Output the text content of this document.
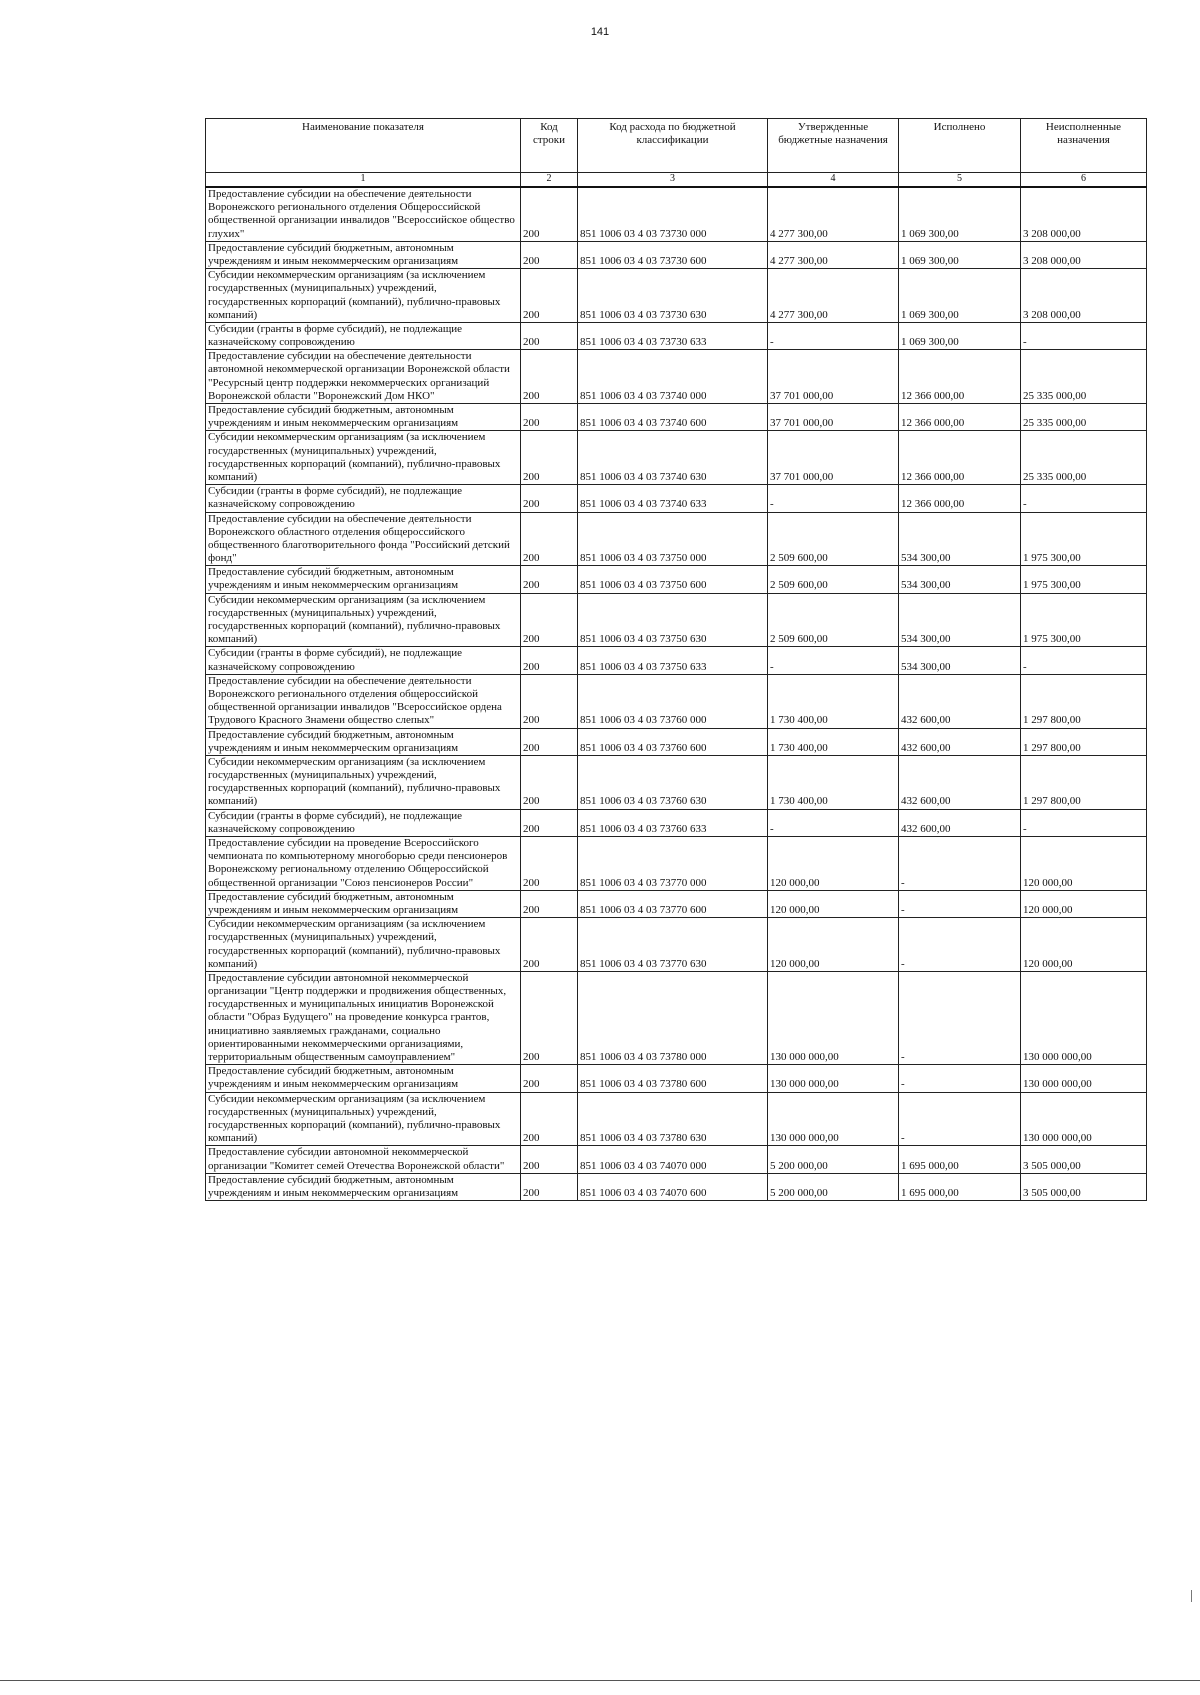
141
Наименование показателя	Код строки	Код расхода по бюджетной классификации	Утвержденные бюджетные назначения	Исполнено	Неисполненные назначения
1	2	3	4	5	6
Предоставление субсидии на обеспечение деятельности Воронежского регионального отделения Общероссийской общественной организации инвалидов "Всероссийское общество глухих"	200	851 1006 03 4 03 73730 000	4 277 300,00	1 069 300,00	3 208 000,00
Предоставление субсидий бюджетным, автономным учреждениям и иным некоммерческим организациям	200	851 1006 03 4 03 73730 600	4 277 300,00	1 069 300,00	3 208 000,00
Субсидии некоммерческим организациям (за исключением государственных (муниципальных) учреждений, государственных корпораций (компаний), публично-правовых компаний)	200	851 1006 03 4 03 73730 630	4 277 300,00	1 069 300,00	3 208 000,00
Субсидии (гранты в форме субсидий), не подлежащие казначейскому сопровождению	200	851 1006 03 4 03 73730 633	-	1 069 300,00	-
Предоставление субсидии на обеспечение деятельности автономной некоммерческой организации Воронежской области "Ресурсный центр поддержки некоммерческих организаций Воронежской области "Воронежский Дом НКО"	200	851 1006 03 4 03 73740 000	37 701 000,00	12 366 000,00	25 335 000,00
Предоставление субсидий бюджетным, автономным учреждениям и иным некоммерческим организациям	200	851 1006 03 4 03 73740 600	37 701 000,00	12 366 000,00	25 335 000,00
Субсидии некоммерческим организациям (за исключением государственных (муниципальных) учреждений, государственных корпораций (компаний), публично-правовых компаний)	200	851 1006 03 4 03 73740 630	37 701 000,00	12 366 000,00	25 335 000,00
Субсидии (гранты в форме субсидий), не подлежащие казначейскому сопровождению	200	851 1006 03 4 03 73740 633	-	12 366 000,00	-
Предоставление субсидии на обеспечение деятельности Воронежского областного отделения общероссийского общественного благотворительного фонда "Российский детский фонд"	200	851 1006 03 4 03 73750 000	2 509 600,00	534 300,00	1 975 300,00
Предоставление субсидий бюджетным, автономным учреждениям и иным некоммерческим организациям	200	851 1006 03 4 03 73750 600	2 509 600,00	534 300,00	1 975 300,00
Субсидии некоммерческим организациям (за исключением государственных (муниципальных) учреждений, государственных корпораций (компаний), публично-правовых компаний)	200	851 1006 03 4 03 73750 630	2 509 600,00	534 300,00	1 975 300,00
Субсидии (гранты в форме субсидий), не подлежащие казначейскому сопровождению	200	851 1006 03 4 03 73750 633	-	534 300,00	-
Предоставление субсидии на обеспечение деятельности Воронежского регионального отделения общероссийской общественной организации инвалидов "Всероссийское ордена Трудового Красного Знамени общество слепых"	200	851 1006 03 4 03 73760 000	1 730 400,00	432 600,00	1 297 800,00
Предоставление субсидий бюджетным, автономным учреждениям и иным некоммерческим организациям	200	851 1006 03 4 03 73760 600	1 730 400,00	432 600,00	1 297 800,00
Субсидии некоммерческим организациям (за исключением государственных (муниципальных) учреждений, государственных корпораций (компаний), публично-правовых компаний)	200	851 1006 03 4 03 73760 630	1 730 400,00	432 600,00	1 297 800,00
Субсидии (гранты в форме субсидий), не подлежащие казначейскому сопровождению	200	851 1006 03 4 03 73760 633	-	432 600,00	-
Предоставление субсидии на проведение Всероссийского чемпионата по компьютерному многоборью среди пенсионеров Воронежскому региональному отделению Общероссийской общественной организации "Союз пенсионеров России"	200	851 1006 03 4 03 73770 000	120 000,00	-	120 000,00
Предоставление субсидий бюджетным, автономным учреждениям и иным некоммерческим организациям	200	851 1006 03 4 03 73770 600	120 000,00	-	120 000,00
Субсидии некоммерческим организациям (за исключением государственных (муниципальных) учреждений, государственных корпораций (компаний), публично-правовых компаний)	200	851 1006 03 4 03 73770 630	120 000,00	-	120 000,00
Предоставление субсидии автономной некоммерческой организации "Центр поддержки и продвижения общественных, государственных и муниципальных инициатив Воронежской области "Образ Будущего" на проведение конкурса грантов, инициативно заявляемых гражданами, социально ориентированными некоммерческими организациями, территориальным общественным самоуправлением"	200	851 1006 03 4 03 73780 000	130 000 000,00	-	130 000 000,00
Предоставление субсидий бюджетным, автономным учреждениям и иным некоммерческим организациям	200	851 1006 03 4 03 73780 600	130 000 000,00	-	130 000 000,00
Субсидии некоммерческим организациям (за исключением государственных (муниципальных) учреждений, государственных корпораций (компаний), публично-правовых компаний)	200	851 1006 03 4 03 73780 630	130 000 000,00	-	130 000 000,00
Предоставление субсидии автономной некоммерческой организации "Комитет семей Отечества Воронежской области"	200	851 1006 03 4 03 74070 000	5 200 000,00	1 695 000,00	3 505 000,00
Предоставление субсидий бюджетным, автономным учреждениям и иным некоммерческим организациям	200	851 1006 03 4 03 74070 600	5 200 000,00	1 695 000,00	3 505 000,00
